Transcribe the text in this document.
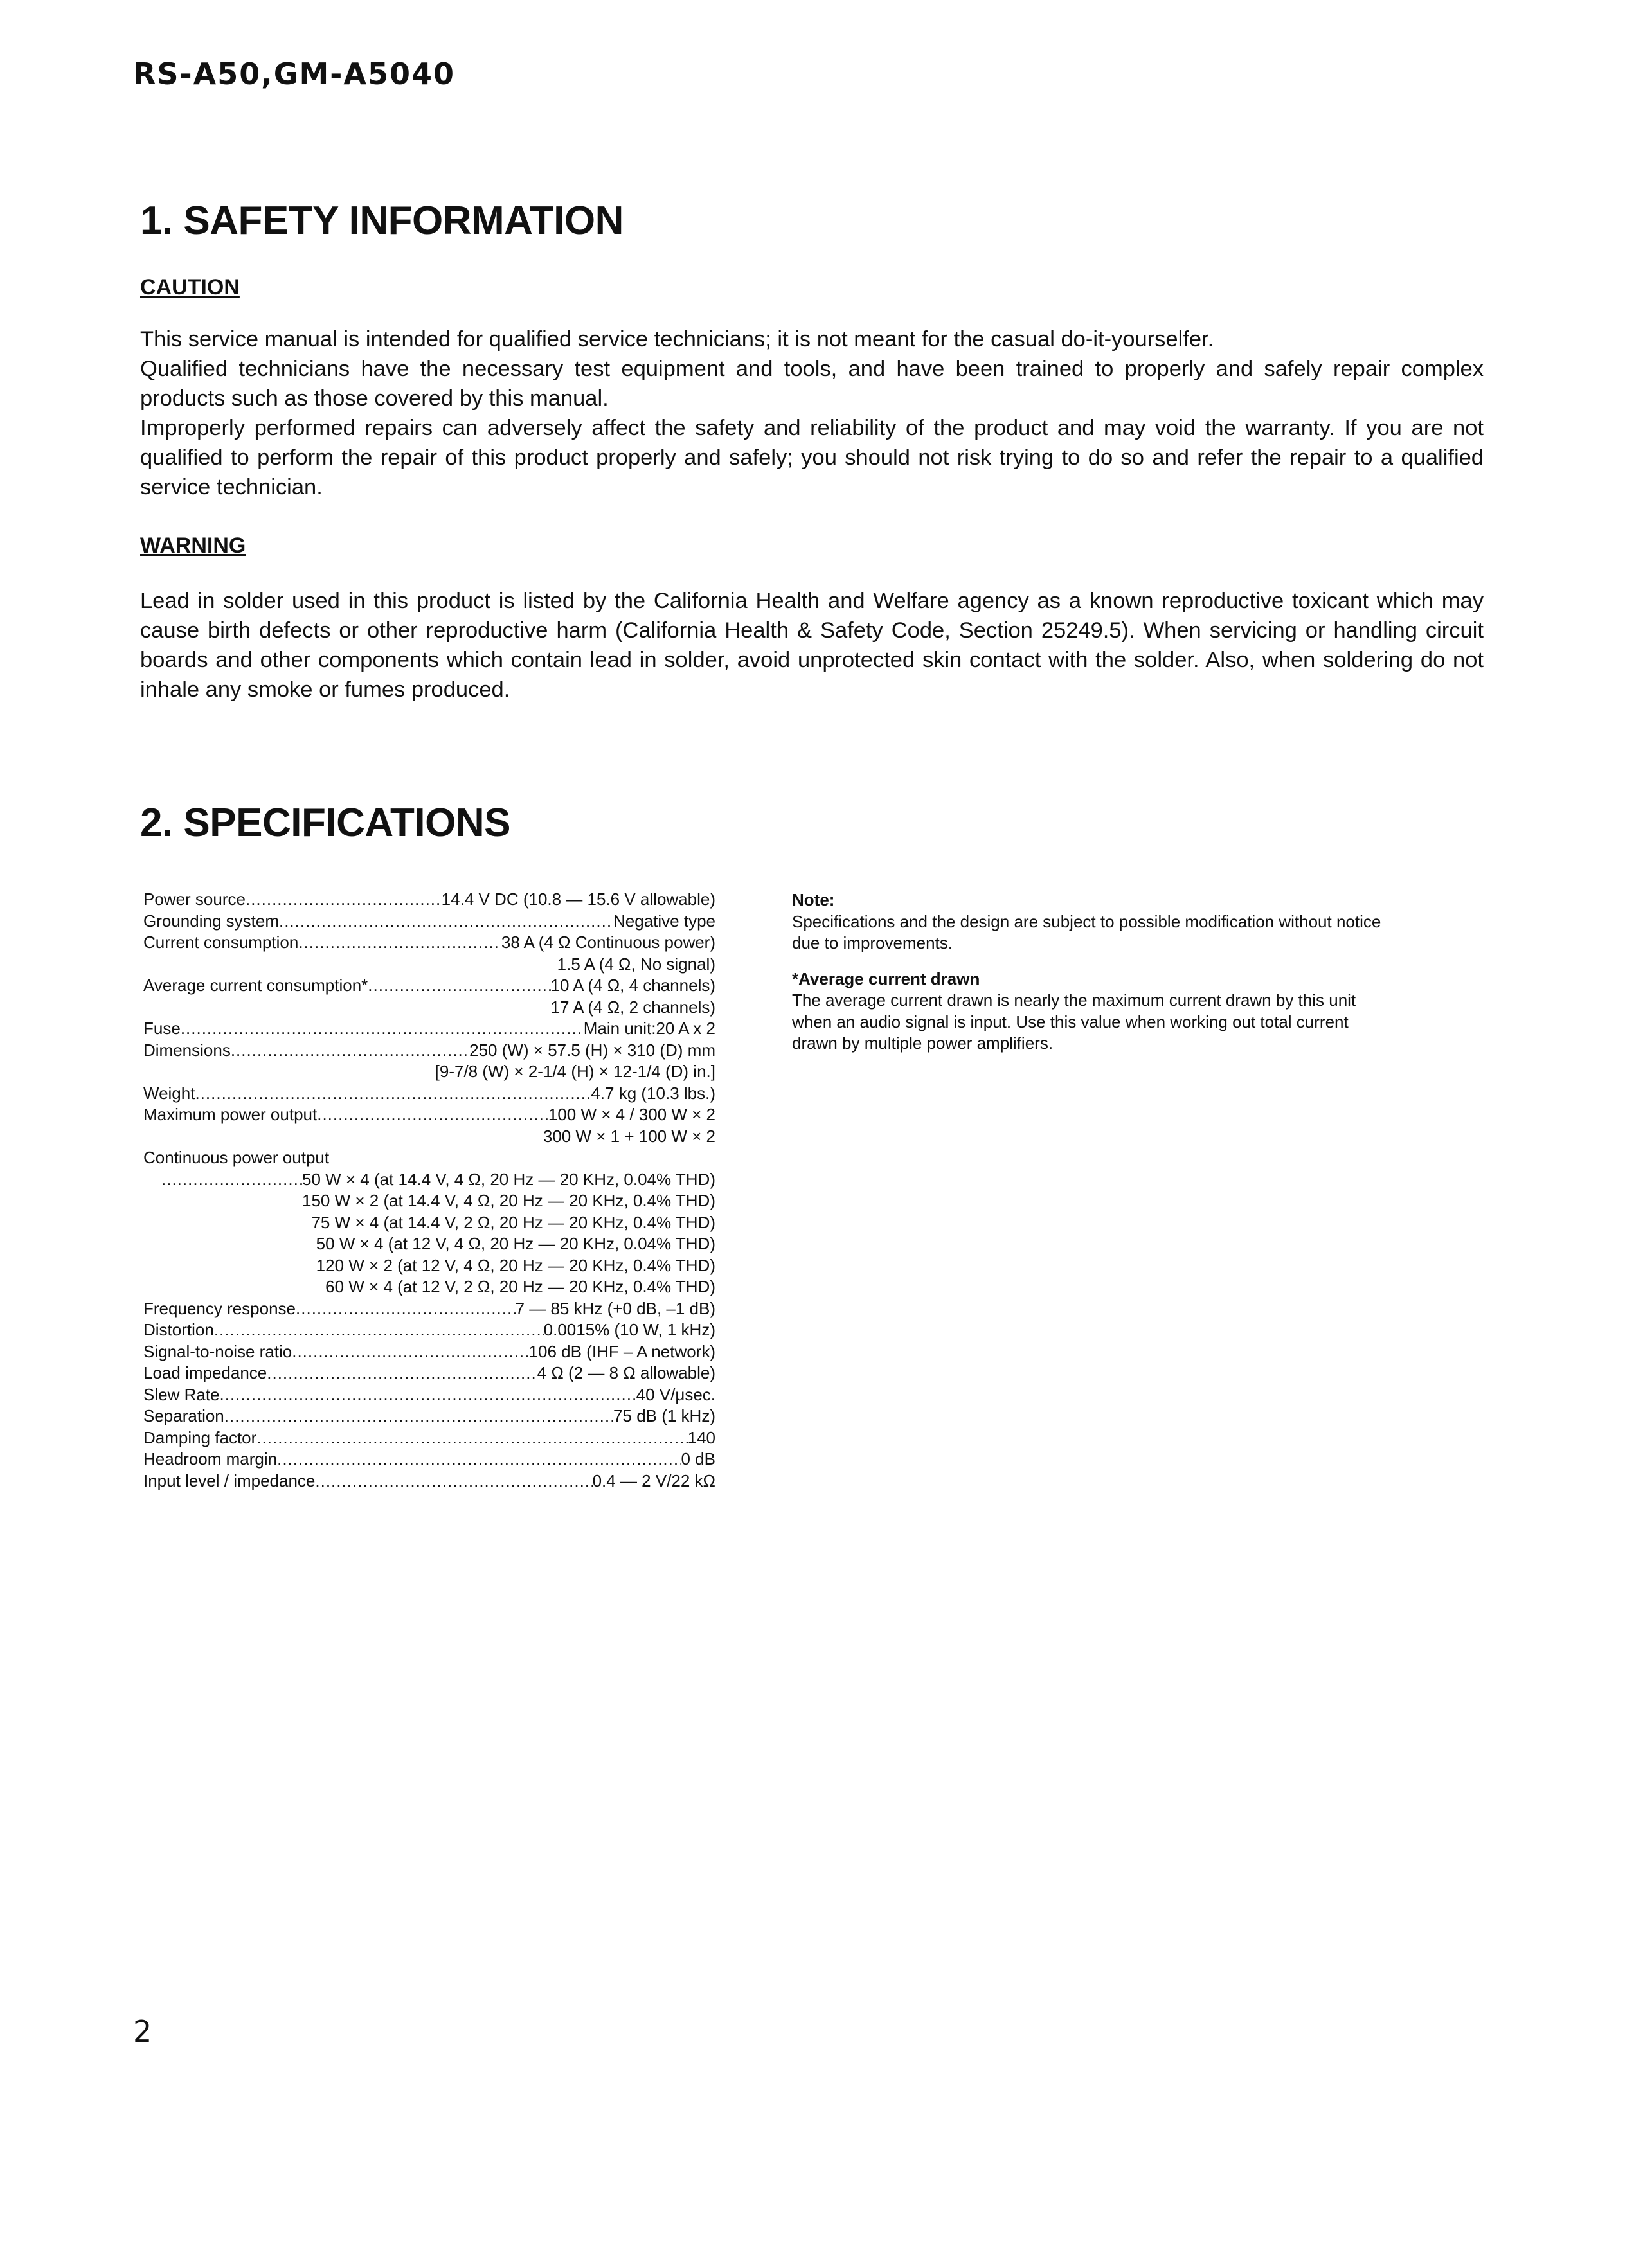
RS-A50,GM-A5040
1. SAFETY INFORMATION
CAUTION

This service manual is intended for qualified service technicians; it is not meant for the casual do-it-yourselfer.

Qualified technicians have the necessary test equipment and tools, and have been trained to properly and safely repair complex products such as those covered by this manual.

Improperly performed repairs can adversely affect the safety and reliability of the product and may void the warranty. If you are not qualified to perform the repair of this product properly and safely; you should not risk trying to do so and refer the repair to a qualified service technician.

WARNING

Lead in solder used in this product is listed by the California Health and Welfare agency as a known reproductive toxicant which may cause birth defects or other reproductive harm (California Health & Safety Code, Section 25249.5). When servicing or handling circuit boards and other components which contain lead in solder, avoid unprotected skin contact with the solder. Also, when soldering do not inhale any smoke or fumes produced.

2. SPECIFICATIONS
Power source .....	14.4 V DC (10.8 — 15.6 V allowable)
Grounding system .....	Negative type
Current consumption .....	38 A (4 Ω Continuous power)
1.5 A (4 Ω, No signal)
Average current consumption* .....	10 A (4 Ω, 4 channels)
17 A (4 Ω, 2 channels)
Fuse .....	Main unit:20 A x 2
Dimensions .....	250 (W) × 57.5 (H) × 310 (D) mm
[9-7/8 (W) × 2-1/4 (H) × 12-1/4 (D) in.]
Weight .....	4.7 kg (10.3 lbs.)
Maximum power output .....	100 W × 4 / 300 W × 2
300 W × 1 + 100 W × 2
Continuous power output
.....
50 W × 4 (at 14.4 V, 4 Ω, 20 Hz — 20 KHz, 0.04% THD)
150 W × 2 (at 14.4 V, 4 Ω, 20 Hz — 20 KHz, 0.4% THD)
75 W × 4 (at 14.4 V, 2 Ω, 20 Hz — 20 KHz, 0.4% THD)
50 W × 4 (at 12 V, 4 Ω, 20 Hz — 20 KHz, 0.04% THD)
120 W × 2 (at 12 V, 4 Ω, 20 Hz — 20 KHz, 0.4% THD)
60 W × 4 (at 12 V, 2 Ω, 20 Hz — 20 KHz, 0.4% THD)
Frequency response .....	7 — 85 kHz (+0 dB, –1 dB)
Distortion .....	0.0015% (10 W, 1 kHz)
Signal-to-noise ratio .....	106 dB (IHF – A network)
Load impedance .....	4 Ω (2 — 8 Ω allowable)
Slew Rate .....	40 V/μsec.
Separation .....	75 dB (1 kHz)
Damping factor .....	140
Headroom margin .....	0 dB
Input level / impedance .....	0.4 — 2 V/22 kΩ

Note:

Specifications and the design are subject to possible modification without notice due to improvements.

*Average current drawn

The average current drawn is nearly the maximum current drawn by this unit when an audio signal is input. Use this value when working out total current drawn by multiple power amplifiers.

2
